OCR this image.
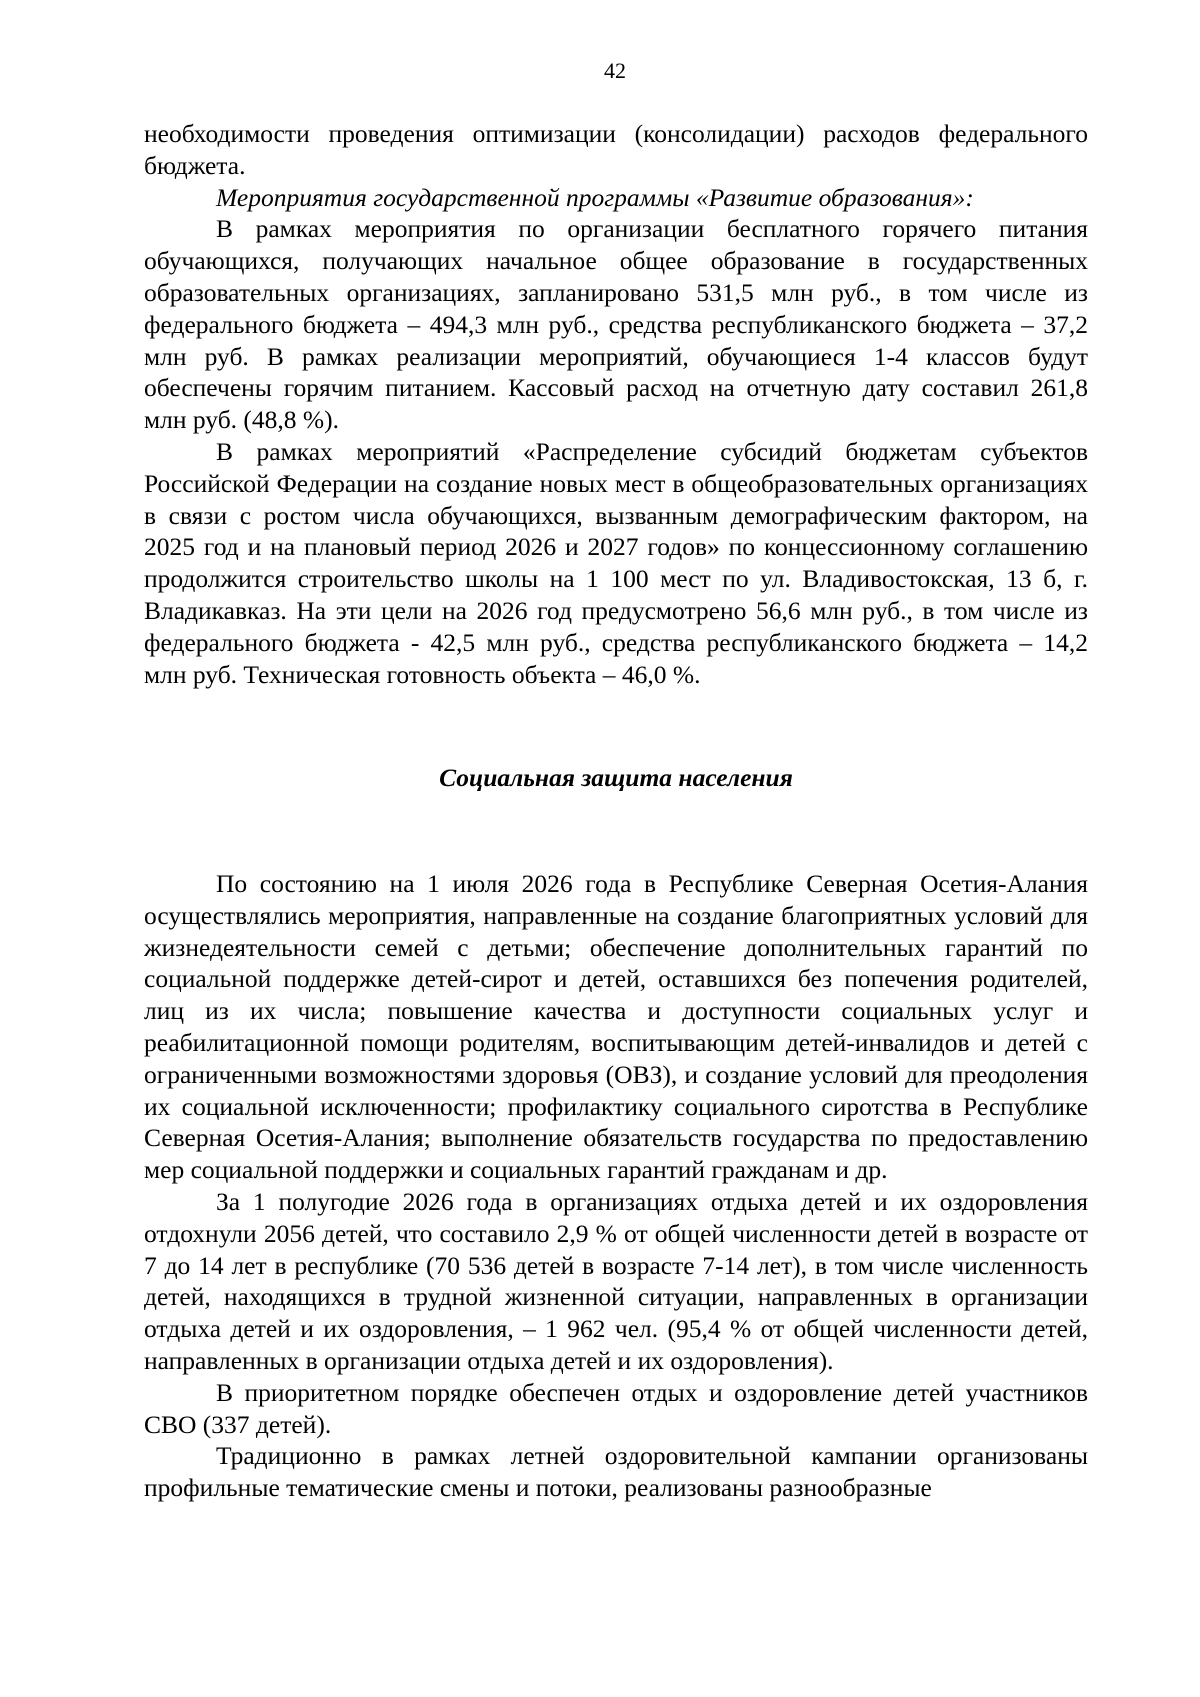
42

необходимости проведения оптимизации (консолидации) расходов федерального бюджета.

Мероприятия государственной программы «Развитие образования»:

В рамках мероприятия по организации бесплатного горячего питания обучающихся, получающих начальное общее образование в государственных образовательных организациях, запланировано 531,5 млн руб., в том числе из федерального бюджета – 494,3 млн руб., средства республиканского бюджета – 37,2 млн руб. В рамках реализации мероприятий, обучающиеся 1-4 классов будут обеспечены горячим питанием. Кассовый расход на отчетную дату составил 261,8 млн руб. (48,8 %).

В рамках мероприятий «Распределение субсидий бюджетам субъектов Российской Федерации на создание новых мест в общеобразовательных организациях в связи с ростом числа обучающихся, вызванным демографическим фактором, на 2025 год и на плановый период 2026 и 2027 годов» по концессионному соглашению продолжится строительство школы на 1 100 мест по ул. Владивостокская, 13 б, г. Владикавказ. На эти цели на 2026 год предусмотрено 56,6 млн руб., в том числе из федерального бюджета - 42,5 млн руб., средства республиканского бюджета – 14,2 млн руб. Техническая готовность объекта – 46,0 %.

Социальная защита населения

По состоянию на 1 июля 2026 года в Республике Северная Осетия-Алания осуществлялись мероприятия, направленные на создание благоприятных условий для жизнедеятельности семей с детьми; обеспечение дополнительных гарантий по социальной поддержке детей-сирот и детей, оставшихся без попечения родителей, лиц из их числа; повышение качества и доступности социальных услуг и реабилитационной помощи родителям, воспитывающим детей-инвалидов и детей с ограниченными возможностями здоровья (ОВЗ), и создание условий для преодоления их социальной исключенности; профилактику социального сиротства в Республике Северная Осетия-Алания; выполнение обязательств государства по предоставлению мер социальной поддержки и социальных гарантий гражданам и др.

За 1 полугодие 2026 года в организациях отдыха детей и их оздоровления отдохнули 2056 детей, что составило 2,9 % от общей численности детей в возрасте от 7 до 14 лет в республике (70 536 детей в возрасте 7-14 лет), в том числе численность детей, находящихся в трудной жизненной ситуации, направленных в организации отдыха детей и их оздоровления, – 1 962 чел. (95,4 % от общей численности детей, направленных в организации отдыха детей и их оздоровления).

В приоритетном порядке обеспечен отдых и оздоровление детей участников СВО (337 детей).

Традиционно в рамках летней оздоровительной кампании организованы профильные тематические смены и потоки, реализованы разнообразные
